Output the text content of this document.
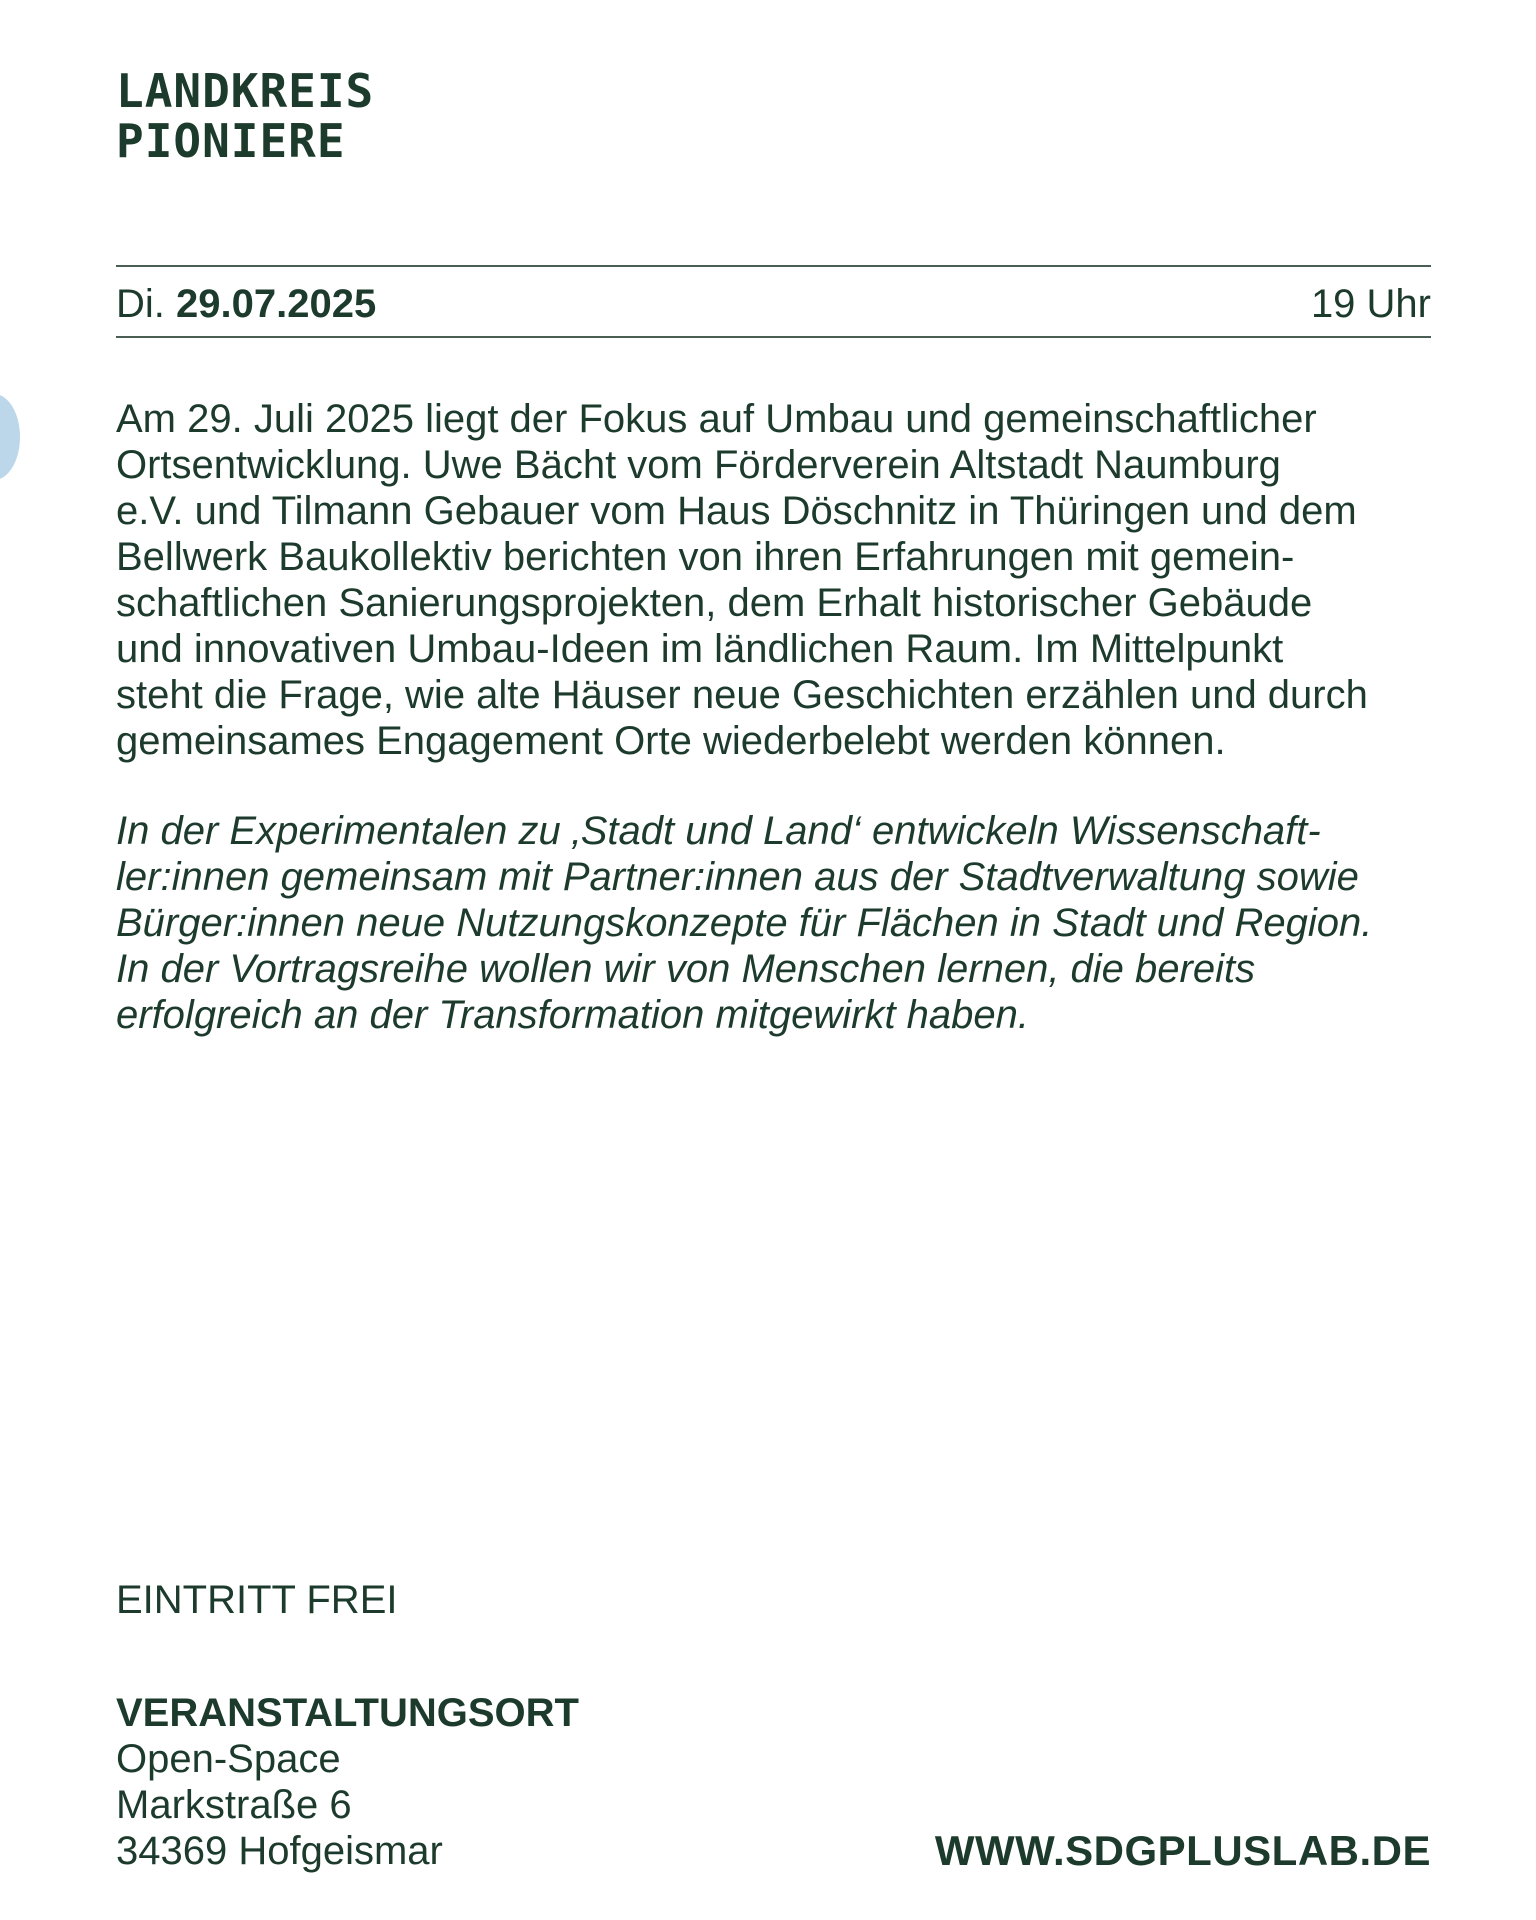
LANDKREIS
PIONIERE
Di. 29.07.2025	19 Uhr
Am 29. Juli 2025 liegt der Fokus auf Umbau und gemeinschaftlicher
Ortsentwicklung. Uwe Bächt vom Förderverein Altstadt Naumburg
e.V. und Tilmann Gebauer vom Haus Döschnitz in Thüringen und dem
Bellwerk Baukollektiv berichten von ihren Erfahrungen mit gemein-
schaftlichen Sanierungsprojekten, dem Erhalt historischer Gebäude
und innovativen Umbau-Ideen im ländlichen Raum. Im Mittelpunkt
steht die Frage, wie alte Häuser neue Geschichten erzählen und durch
gemeinsames Engagement Orte wiederbelebt werden können.
In der Experimentalen zu ‚Stadt und Land‘ entwickeln Wissenschaft-
ler:innen gemeinsam mit Partner:innen aus der Stadtverwaltung sowie
Bürger:innen neue Nutzungskonzepte für Flächen in Stadt und Region.
In der Vortragsreihe wollen wir von Menschen lernen, die bereits
erfolgreich an der Transformation mitgewirkt haben.
EINTRITT FREI
VERANSTALTUNGSORT
Open-Space
Markstraße 6
34369 Hofgeismar	WWW.SDGPLUSLAB.DE
